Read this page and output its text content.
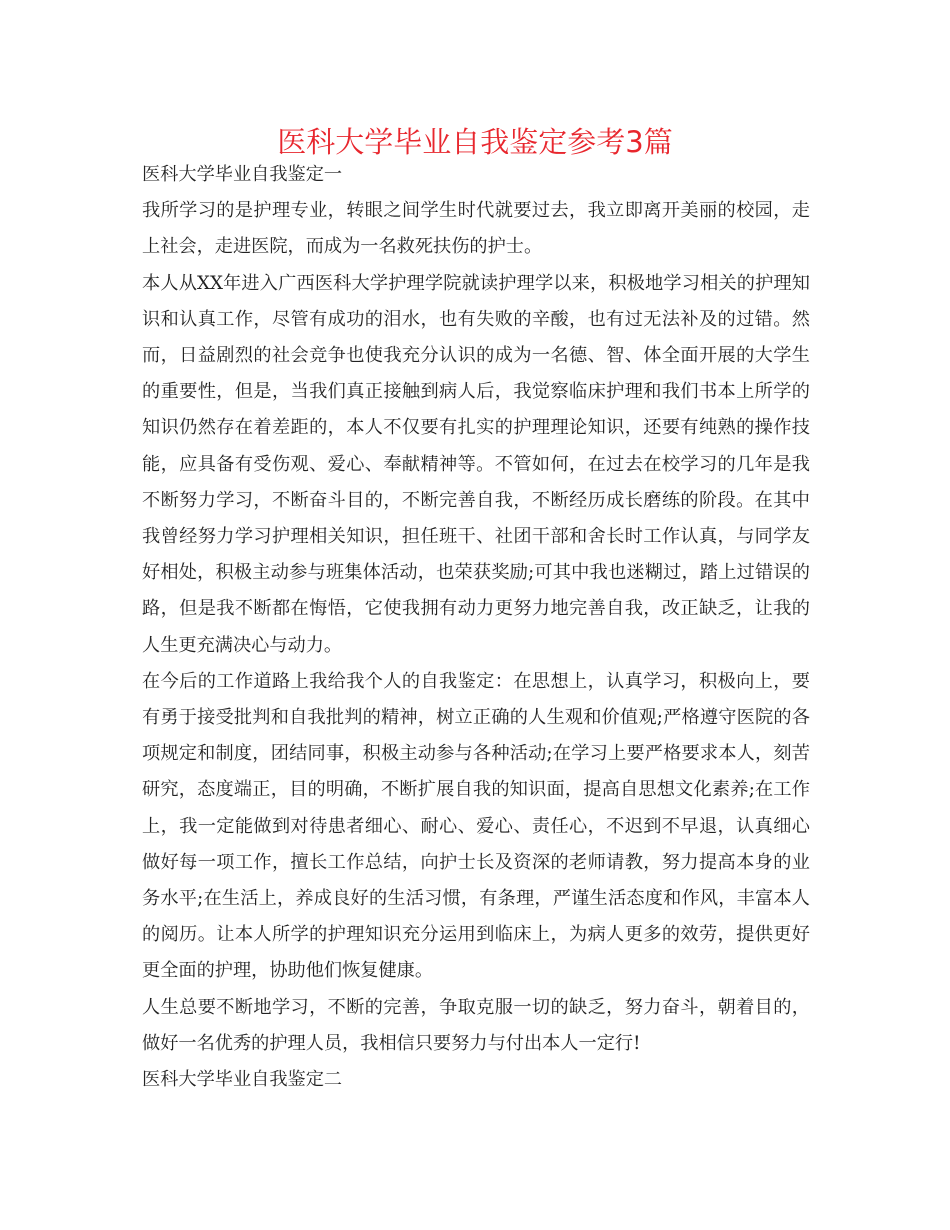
医科大学毕业自我鉴定参考3篇

医科大学毕业自我鉴定一

我所学习的是护理专业，转眼之间学生时代就要过去，我立即离开美丽的校园，走上社会，走进医院，而成为一名救死扶伤的护士。

本人从XX年进入广西医科大学护理学院就读护理学以来，积极地学习相关的护理知识和认真工作，尽管有成功的泪水，也有失败的辛酸，也有过无法补及的过错。然而，日益剧烈的社会竞争也使我充分认识的成为一名德、智、体全面开展的大学生的重要性，但是，当我们真正接触到病人后，我觉察临床护理和我们书本上所学的知识仍然存在着差距的，本人不仅要有扎实的护理理论知识，还要有纯熟的操作技能，应具备有受伤观、爱心、奉献精神等。不管如何，在过去在校学习的几年是我不断努力学习，不断奋斗目的，不断完善自我，不断经历成长磨练的阶段。在其中我曾经努力学习护理相关知识，担任班干、社团干部和舍长时工作认真，与同学友好相处，积极主动参与班集体活动，也荣获奖励;可其中我也迷糊过，踏上过错误的路，但是我不断都在悔悟，它使我拥有动力更努力地完善自我，改正缺乏，让我的人生更充满决心与动力。

在今后的工作道路上我给我个人的自我鉴定：在思想上，认真学习，积极向上，要有勇于接受批判和自我批判的精神，树立正确的人生观和价值观;严格遵守医院的各项规定和制度，团结同事，积极主动参与各种活动;在学习上要严格要求本人，刻苦研究，态度端正，目的明确，不断扩展自我的知识面，提高自思想文化素养;在工作上，我一定能做到对待患者细心、耐心、爱心、责任心，不迟到不早退，认真细心做好每一项工作，擅长工作总结，向护士长及资深的老师请教，努力提高本身的业务水平;在生活上，养成良好的生活习惯，有条理，严谨生活态度和作风，丰富本人的阅历。让本人所学的护理知识充分运用到临床上，为病人更多的效劳，提供更好更全面的护理，协助他们恢复健康。

人生总要不断地学习，不断的完善，争取克服一切的缺乏，努力奋斗，朝着目的，做好一名优秀的护理人员，我相信只要努力与付出本人一定行!

医科大学毕业自我鉴定二
